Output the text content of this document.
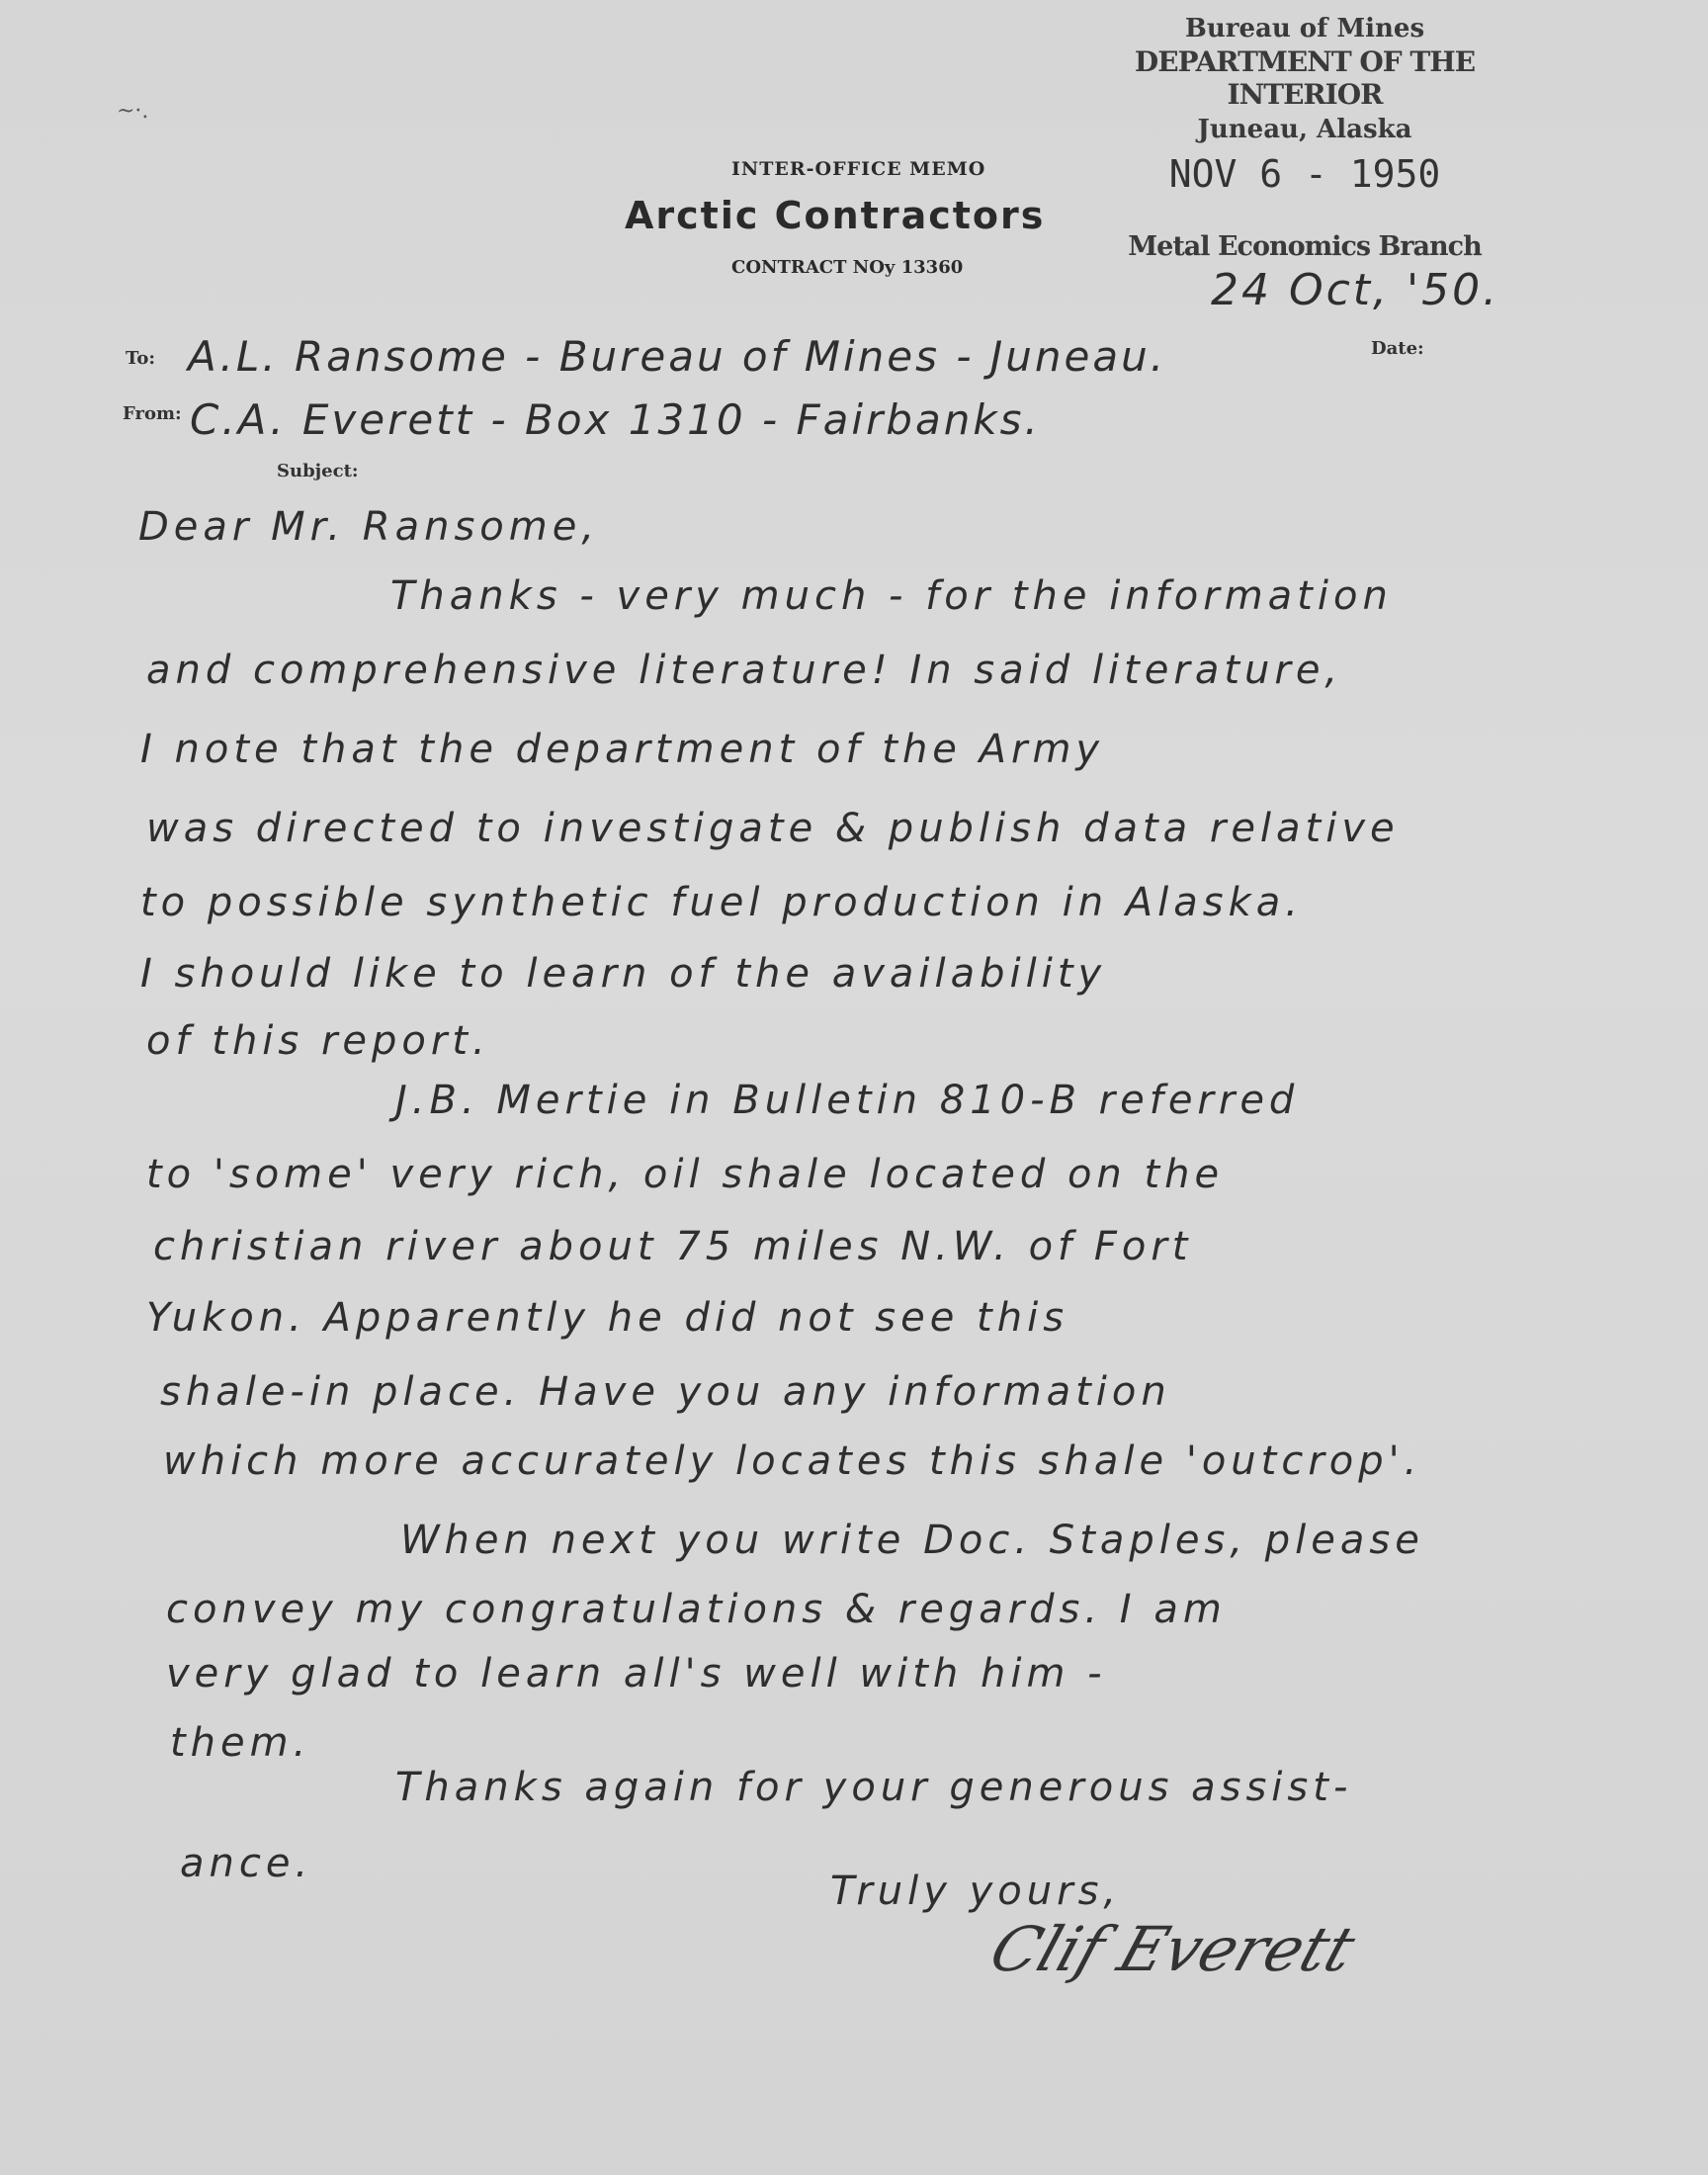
~·.
Bureau of Mines
DEPARTMENT OF THE INTERIOR
Juneau, Alaska
NOV 6 - 1950
Metal Economics Branch
INTER-OFFICE MEMO
Arctic Contractors
CONTRACT NOy 13360	24 Oct, '50.
Date:
To: A.L. Ransome - Bureau of Mines - Juneau.
From: C.A. Everett - Box 1310 - Fairbanks.
Subject:
Dear Mr. Ransome,
Thanks - very much - for the information
and comprehensive literature! In said literature,
I note that the department of the Army
was directed to investigate & publish data relative
to possible synthetic fuel production in Alaska.
I should like to learn of the availability
of this report.
J.B. Mertie in Bulletin 810-B referred
to 'some' very rich, oil shale located on the
christian river about 75 miles N.W. of Fort
Yukon. Apparently he did not see this
shale-in place. Have you any information
which more accurately locates this shale 'outcrop'.
When next you write Doc. Staples, please
convey my congratulations & regards. I am
very glad to learn all's well with him -
them.
Thanks again for your generous assist-
ance.
Truly yours,
Clif Everett
